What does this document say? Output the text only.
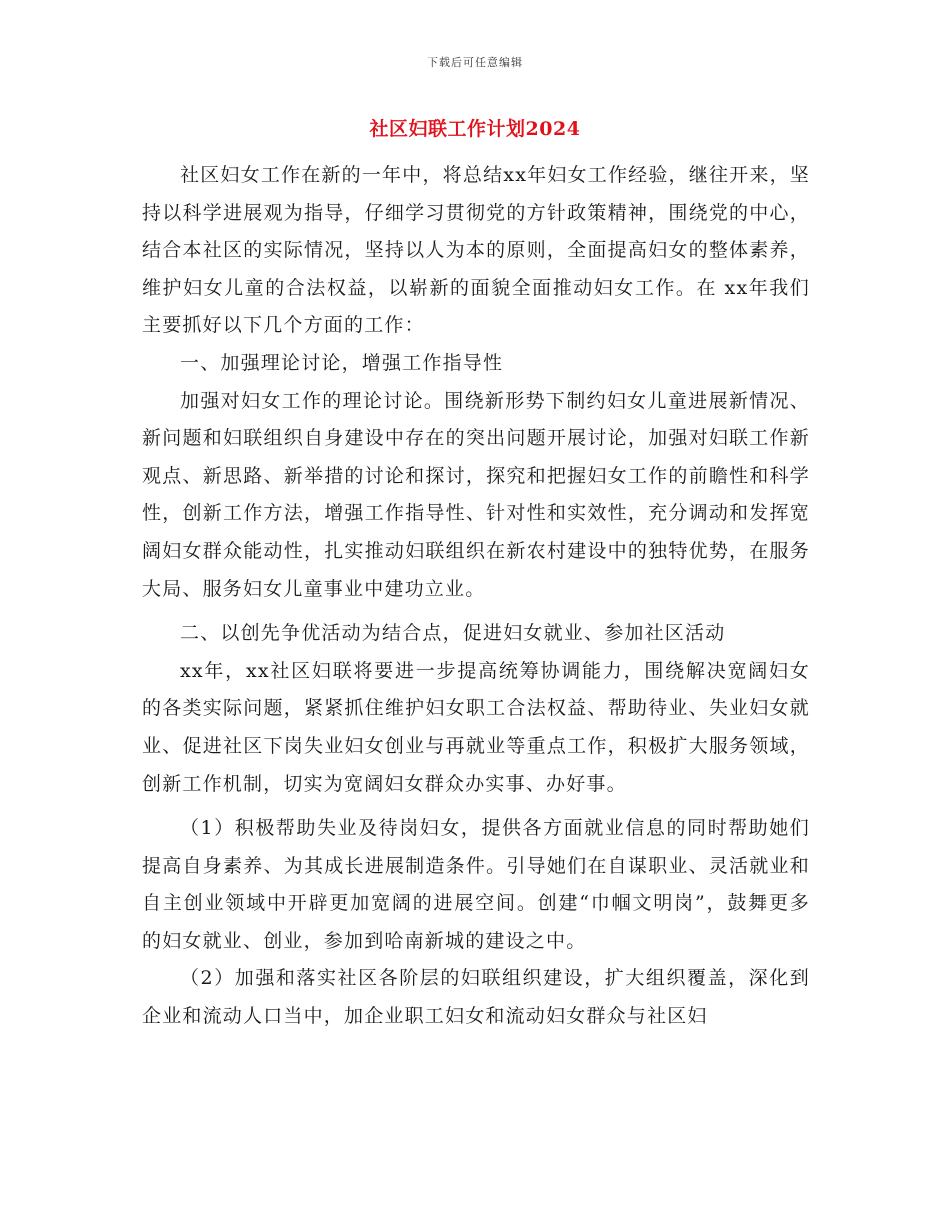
下载后可任意编辑
社区妇联工作计划2024

社区妇女工作在新的一年中，将总结xx年妇女工作经验，继往开来，坚持以科学进展观为指导，仔细学习贯彻党的方针政策精神，围绕党的中心，结合本社区的实际情况，坚持以人为本的原则，全面提高妇女的整体素养，维护妇女儿童的合法权益，以崭新的面貌全面推动妇女工作。在 xx年我们主要抓好以下几个方面的工作：

一、加强理论讨论，增强工作指导性

加强对妇女工作的理论讨论。围绕新形势下制约妇女儿童进展新情况、新问题和妇联组织自身建设中存在的突出问题开展讨论，加强对妇联工作新观点、新思路、新举措的讨论和探讨，探究和把握妇女工作的前瞻性和科学性，创新工作方法，增强工作指导性、针对性和实效性，充分调动和发挥宽阔妇女群众能动性，扎实推动妇联组织在新农村建设中的独特优势，在服务大局、服务妇女儿童事业中建功立业。

二、以创先争优活动为结合点，促进妇女就业、参加社区活动

xx年，xx社区妇联将要进一步提高统筹协调能力，围绕解决宽阔妇女的各类实际问题，紧紧抓住维护妇女职工合法权益、帮助待业、失业妇女就业、促进社区下岗失业妇女创业与再就业等重点工作，积极扩大服务领域，创新工作机制，切实为宽阔妇女群众办实事、办好事。

（1）积极帮助失业及待岗妇女，提供各方面就业信息的同时帮助她们提高自身素养、为其成长进展制造条件。引导她们在自谋职业、灵活就业和自主创业领域中开辟更加宽阔的进展空间。创建“巾帼文明岗”，鼓舞更多的妇女就业、创业，参加到哈南新城的建设之中。

（2）加强和落实社区各阶层的妇联组织建设，扩大组织覆盖，深化到企业和流动人口当中，加企业职工妇女和流动妇女群众与社区妇
